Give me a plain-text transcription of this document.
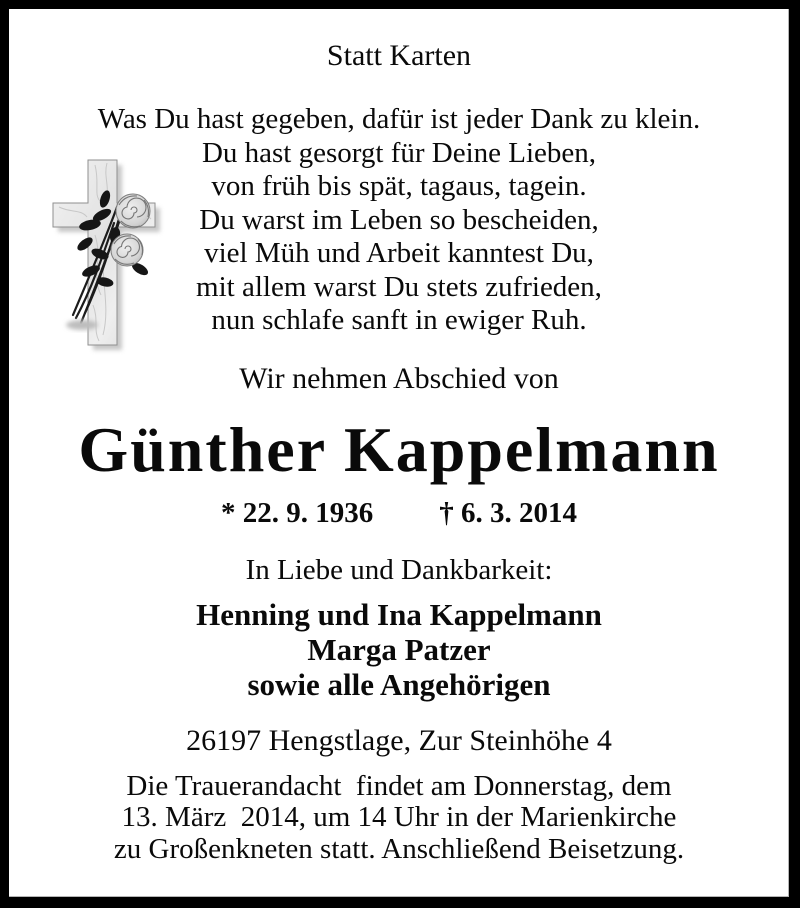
Statt Karten
Was Du hast gegeben, dafür ist jeder Dank zu klein.
Du hast gesorgt für Deine Lieben,
von früh bis spät, tagaus, tagein.
Du warst im Leben so bescheiden,
viel Müh und Arbeit kanntest Du,
mit allem warst Du stets zufrieden,
nun schlafe sanft in ewiger Ruh.
Wir nehmen Abschied von
Günther Kappelmann
* 22. 9. 1936 † 6. 3. 2014
In Liebe und Dankbarkeit:
Henning und Ina Kappelmann
Marga Patzer
sowie alle Angehörigen
26197 Hengstlage, Zur Steinhöhe 4
Die Trauerandacht  findet am Donnerstag, dem
13. März  2014, um 14 Uhr in der Marienkirche
zu Großenkneten statt. Anschließend Beisetzung.
